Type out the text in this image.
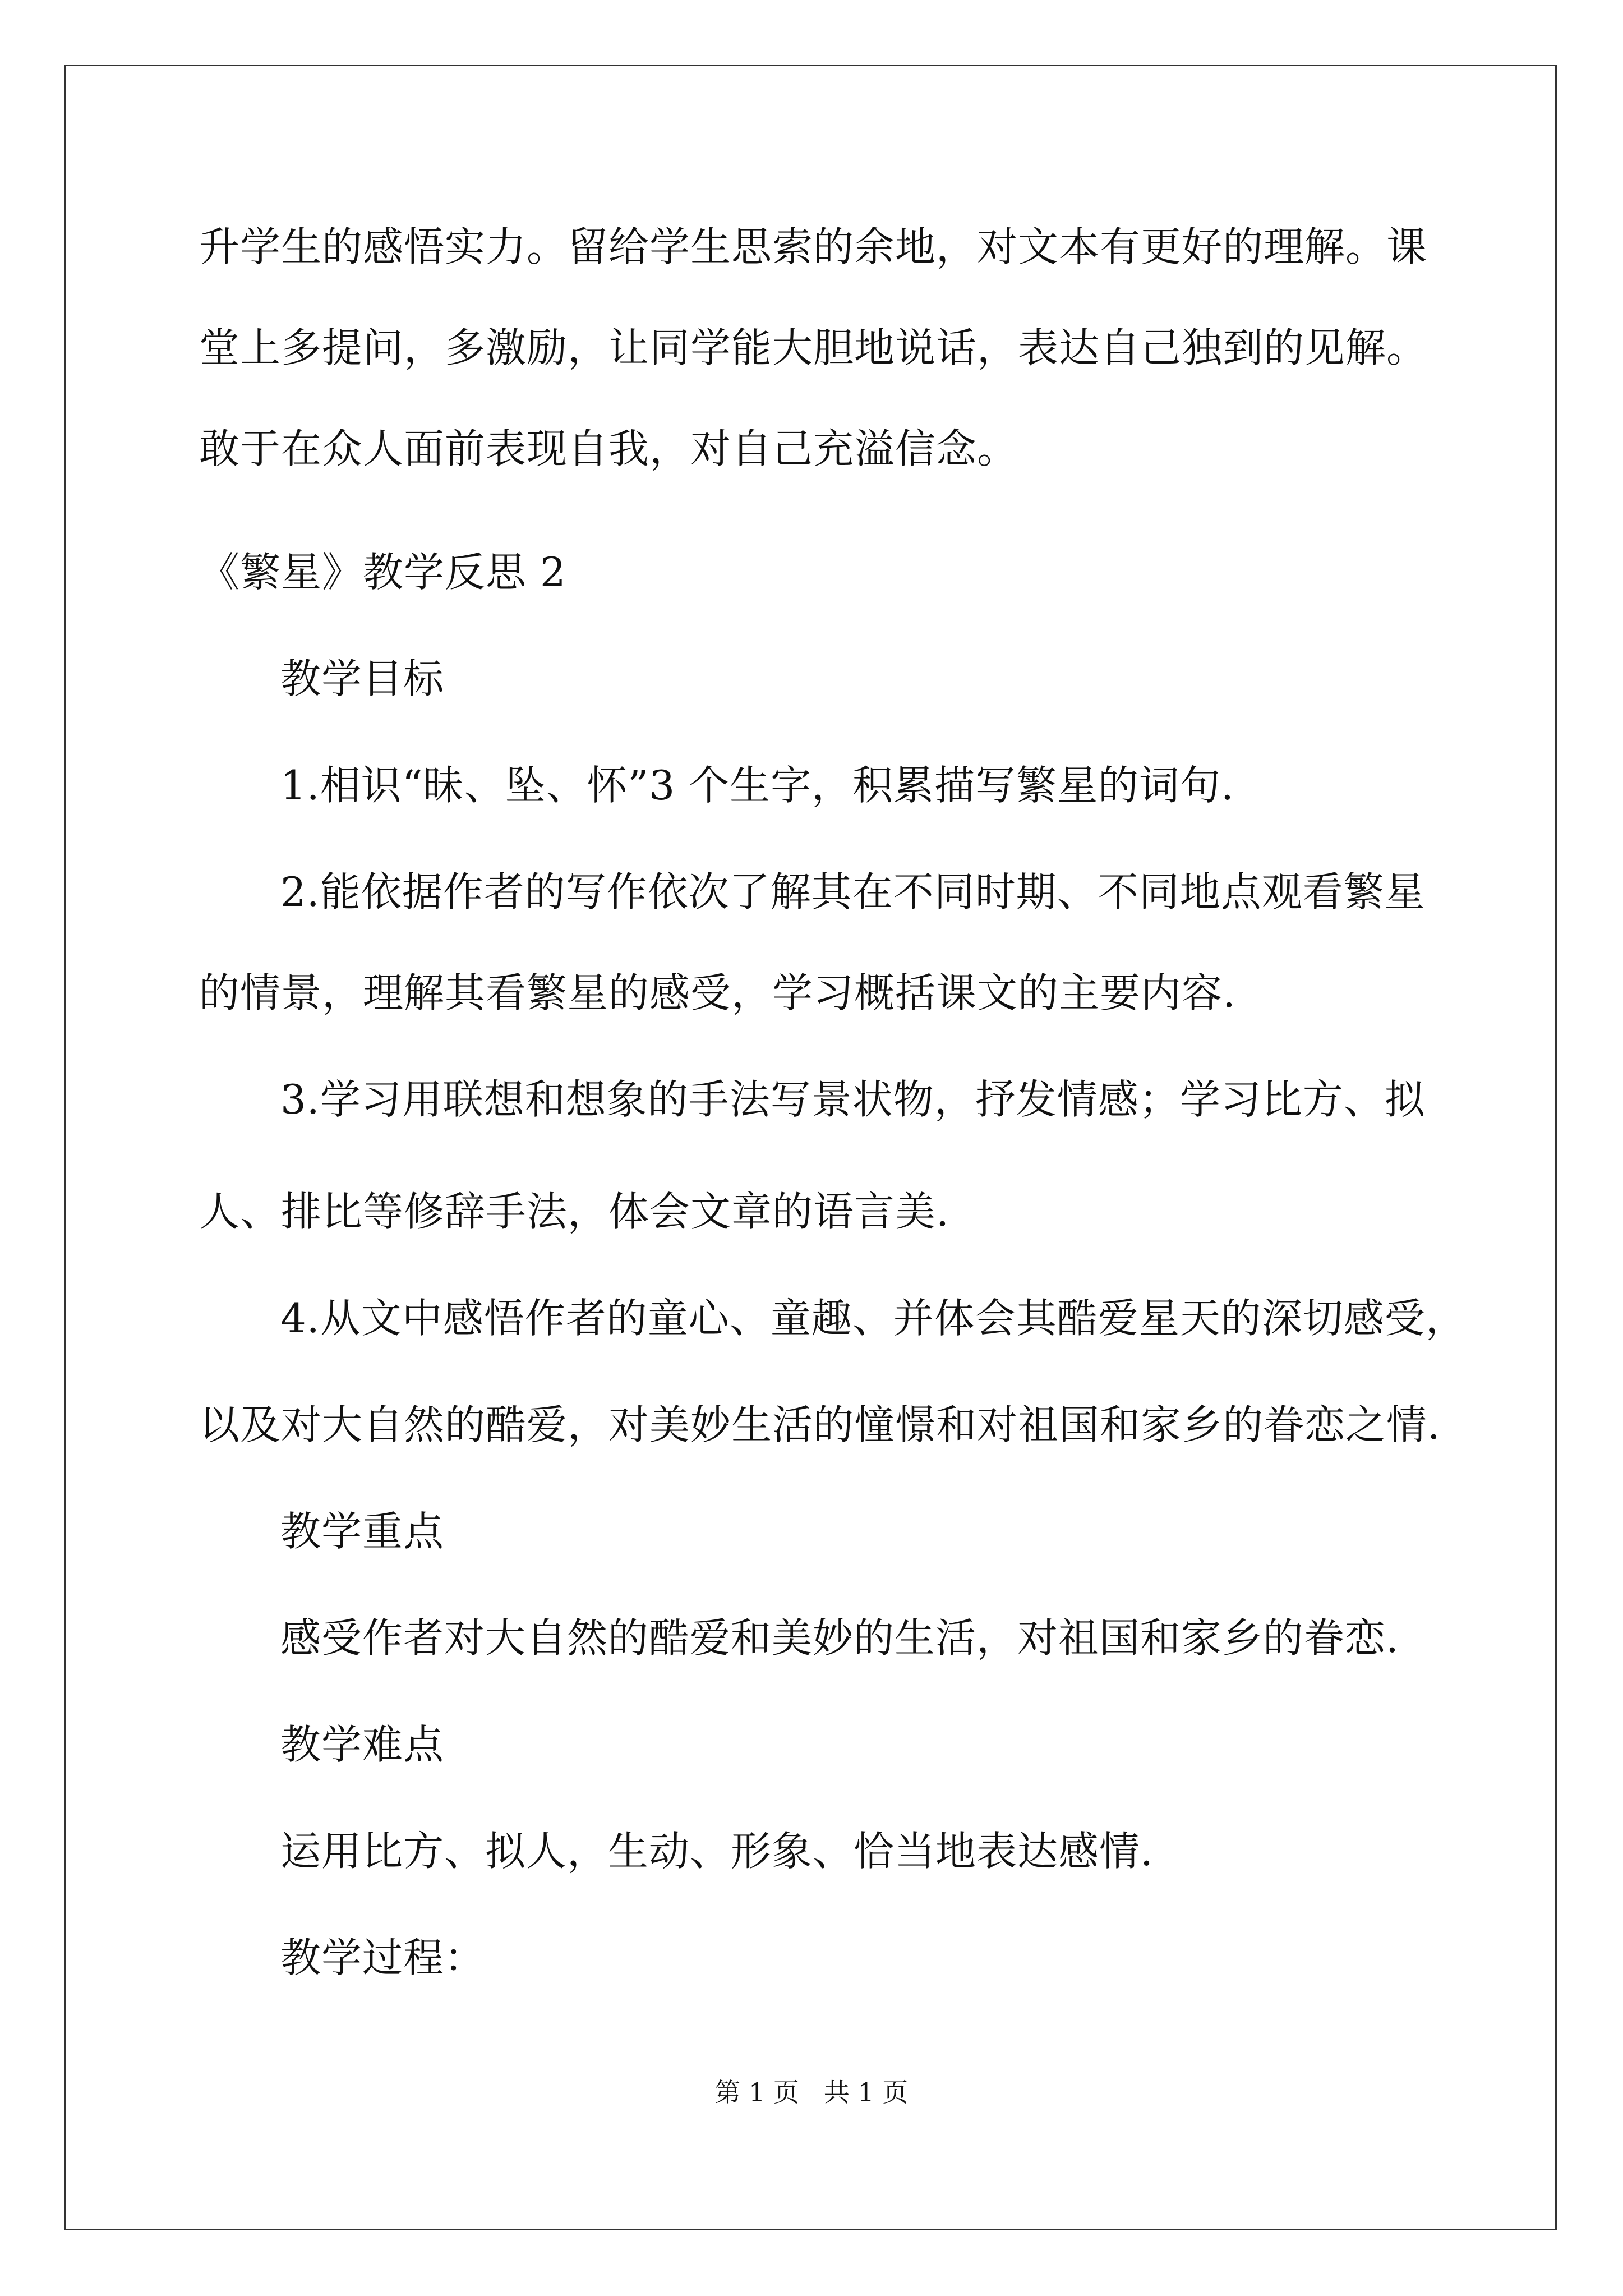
升学生的感悟实力。留给学生思索的余地，对文本有更好的理解。课
堂上多提问，多激励，让同学能大胆地说话，表达自己独到的见解。
敢于在众人面前表现自我，对自己充溢信念。
《繁星》教学反思 2
教学目标
1.相识“昧、坠、怀”3 个生字，积累描写繁星的词句.
2.能依据作者的写作依次了解其在不同时期、不同地点观看繁星
的情景，理解其看繁星的感受，学习概括课文的主要内容.
3.学习用联想和想象的手法写景状物，抒发情感；学习比方、拟
人、排比等修辞手法，体会文章的语言美.
4.从文中感悟作者的童心、童趣、并体会其酷爱星天的深切感受，
以及对大自然的酷爱，对美妙生活的憧憬和对祖国和家乡的眷恋之情.
教学重点
感受作者对大自然的酷爱和美妙的生活，对祖国和家乡的眷恋.
教学难点
运用比方、拟人，生动、形象、恰当地表达感情.
教学过程：
第 1 页   共 1 页
